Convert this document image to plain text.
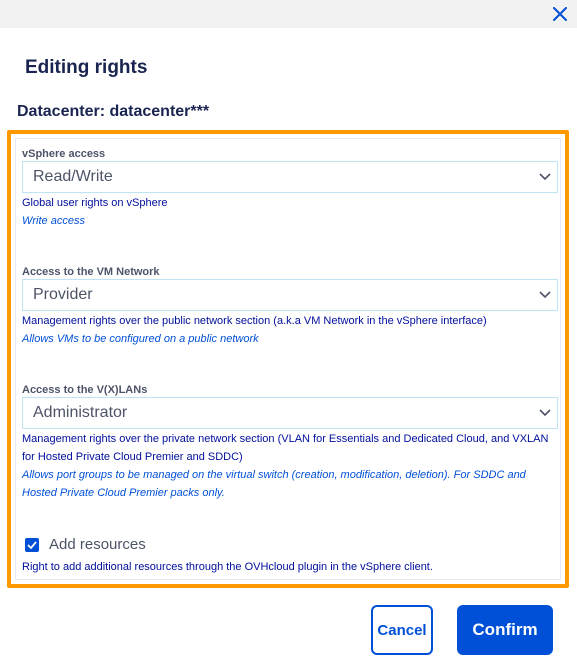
Editing rights
Datacenter: datacenter***
vSphere access
Read/Write
Global user rights on vSphere
Write access
Access to the VM Network
Provider
Management rights over the public network section (a.k.a VM Network in the vSphere interface)
Allows VMs to be configured on a public network
Access to the V(X)LANs
Administrator
Management rights over the private network section (VLAN for Essentials and Dedicated Cloud, and VXLAN for Hosted Private Cloud Premier and SDDC)
Allows port groups to be managed on the virtual switch (creation, modification, deletion). For SDDC and Hosted Private Cloud Premier packs only.
Add resources
Right to add additional resources through the OVHcloud plugin in the vSphere client.
Cancel	Confirm
